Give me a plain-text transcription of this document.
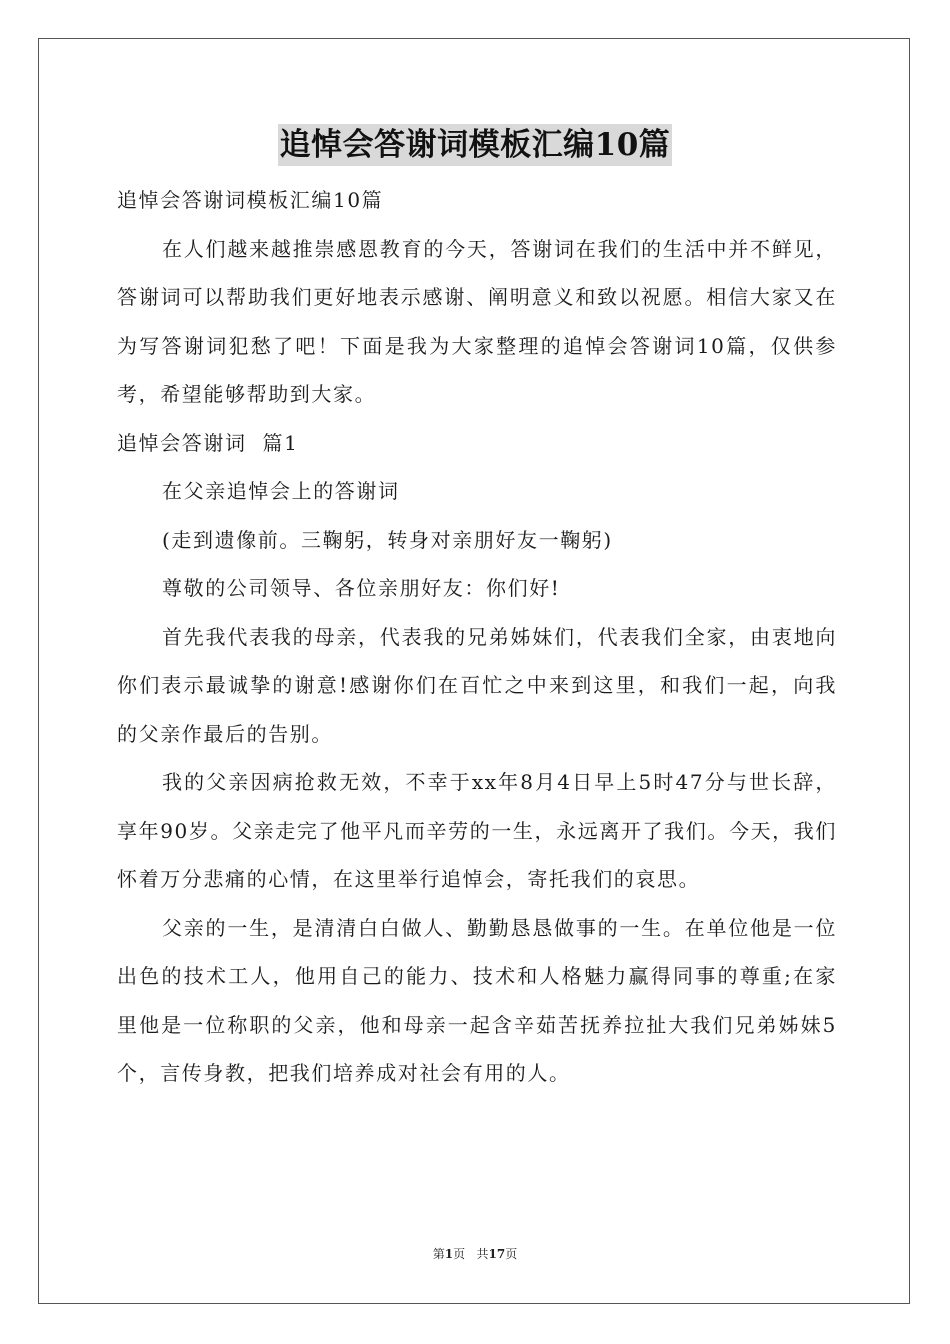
追悼会答谢词模板汇编10篇

追悼会答谢词模板汇编10篇

在人们越来越推崇感恩教育的今天，答谢词在我们的生活中并不鲜见，答谢词可以帮助我们更好地表示感谢、阐明意义和致以祝愿。相信大家又在为写答谢词犯愁了吧！下面是我为大家整理的追悼会答谢词10篇，仅供参考，希望能够帮助到大家。

追悼会答谢词  篇1

在父亲追悼会上的答谢词

(走到遗像前。三鞠躬，转身对亲朋好友一鞠躬)

尊敬的公司领导、各位亲朋好友：你们好!

首先我代表我的母亲，代表我的兄弟姊妹们，代表我们全家，由衷地向你们表示最诚挚的谢意!感谢你们在百忙之中来到这里，和我们一起，向我的父亲作最后的告别。

我的父亲因病抢救无效，不幸于xx年8月4日早上5时47分与世长辞，享年90岁。父亲走完了他平凡而辛劳的一生，永远离开了我们。今天，我们怀着万分悲痛的心情，在这里举行追悼会，寄托我们的哀思。

父亲的一生，是清清白白做人、勤勤恳恳做事的一生。在单位他是一位出色的技术工人，他用自己的能力、技术和人格魅力赢得同事的尊重;在家里他是一位称职的父亲，他和母亲一起含辛茹苦抚养拉扯大我们兄弟姊妹5个，言传身教，把我们培养成对社会有用的人。

第1页   共17页
